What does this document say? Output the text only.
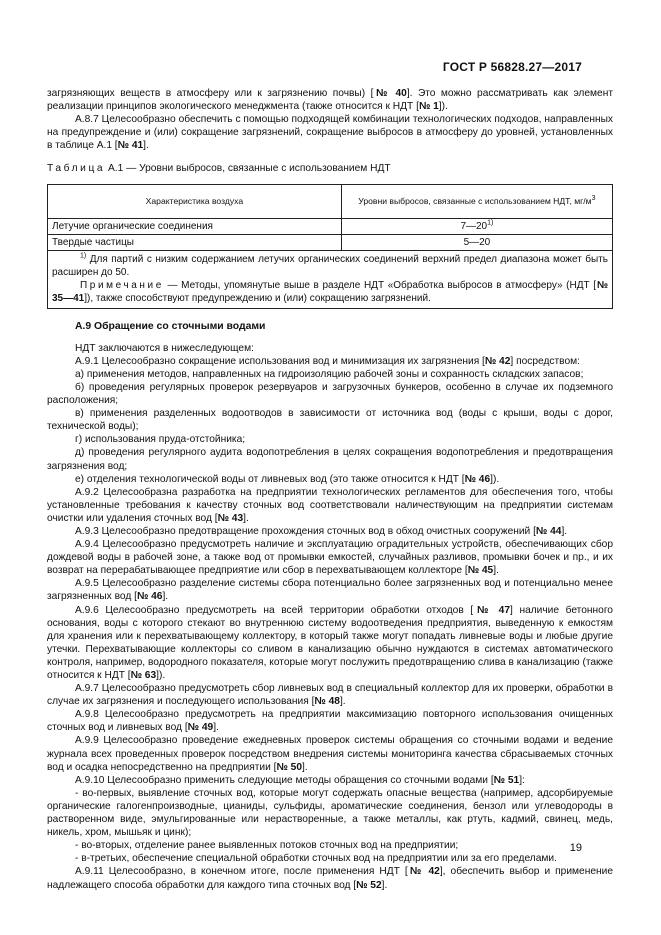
ГОСТ Р 56828.27—2017

загрязняющих веществ в атмосферу или к загрязнению почвы) [№ 40]. Это можно рассматривать как элемент реализации принципов экологического менеджмента (также относится к НДТ [№ 1]).

А.8.7 Целесообразно обеспечить с помощью подходящей комбинации технологических подходов, направленных на предупреждение и (или) сокращение загрязнений, сокращение выбросов в атмосферу до уровней, установленных в таблице А.1 [№ 41].

Таблица А.1 — Уровни выбросов, связанные с использованием НДТ

Характеристика воздуха	Уровни выбросов, связанные с использованием НДТ, $мг/м^3$
Летучие органические соединения	7—20$^{1)}$
Твердые частицы	5—20

$^{1)}$ Для партий с низким содержанием летучих органических соединений верхний предел диапазона может быть расширен до 50.

Примечание — Методы, упомянутые выше в разделе НДТ «Обработка выбросов в атмосферу» (НДТ [№ 35—41]), также способствуют предупреждению и (или) сокращению загрязнений.	

А.9 Обращение со сточными водами

НДТ заключаются в нижеследующем:

А.9.1 Целесообразно сокращение использования вод и минимизация их загрязнения [№ 42] посредством:

а) применения методов, направленных на гидроизоляцию рабочей зоны и сохранность складских запасов;

б) проведения регулярных проверок резервуаров и загрузочных бункеров, особенно в случае их подземного расположения;

в) применения разделенных водоотводов в зависимости от источника вод (воды с крыши, воды с дорог, технической воды);

г) использования пруда-отстойника;

д) проведения регулярного аудита водопотребления в целях сокращения водопотребления и предотвращения загрязнения вод;

е) отделения технологической воды от ливневых вод (это также относится к НДТ [№ 46]).

А.9.2 Целесообразна разработка на предприятии технологических регламентов для обеспечения того, чтобы установленные требования к качеству сточных вод соответствовали наличествующим на предприятии системам очистки или удаления сточных вод [№ 43].

А.9.3 Целесообразно предотвращение прохождения сточных вод в обход очистных сооружений [№ 44].

А.9.4 Целесообразно предусмотреть наличие и эксплуатацию оградительных устройств, обеспечивающих сбор дождевой воды в рабочей зоне, а также вод от промывки емкостей, случайных разливов, промывки бочек и пр., и их возврат на перерабатывающее предприятие или сбор в перехватывающем коллекторе [№ 45].

А.9.5 Целесообразно разделение системы сбора потенциально более загрязненных вод и потенциально менее загрязненных вод [№ 46].

А.9.6 Целесообразно предусмотреть на всей территории обработки отходов [№ 47] наличие бетонного основания, воды с которого стекают во внутреннюю систему водоотведения предприятия, выведенную к емкостям для хранения или к перехватывающему коллектору, в который также могут попадать ливневые воды и любые другие утечки. Перехватывающие коллекторы со сливом в канализацию обычно нуждаются в системах автоматического контроля, например, водородного показателя, которые могут послужить предотвращению слива в канализацию (также относится к НДТ [№ 63]).

А.9.7 Целесообразно предусмотреть сбор ливневых вод в специальный коллектор для их проверки, обработки в случае их загрязнения и последующего использования [№ 48].

А.9.8 Целесообразно предусмотреть на предприятии максимизацию повторного использования очищенных сточных вод и ливневых вод [№ 49].

А.9.9 Целесообразно проведение ежедневных проверок системы обращения со сточными водами и ведение журнала всех проведенных проверок посредством внедрения системы мониторинга качества сбрасываемых сточных вод и осадка непосредственно на предприятии [№ 50].

А.9.10 Целесообразно применить следующие методы обращения со сточными водами [№ 51]:

- во-первых, выявление сточных вод, которые могут содержать опасные вещества (например, адсорбируемые органические галогенпроизводные, цианиды, сульфиды, ароматические соединения, бензол или углеводороды в растворенном виде, эмульгированные или нерастворенные, а также металлы, как ртуть, кадмий, свинец, медь, никель, хром, мышьяк и цинк);

- во-вторых, отделение ранее выявленных потоков сточных вод на предприятии;

- в-третьих, обеспечение специальной обработки сточных вод на предприятии или за его пределами.

А.9.11 Целесообразно, в конечном итоге, после применения НДТ [№ 42], обеспечить выбор и применение надлежащего способа обработки для каждого типа сточных вод [№ 52].

19
